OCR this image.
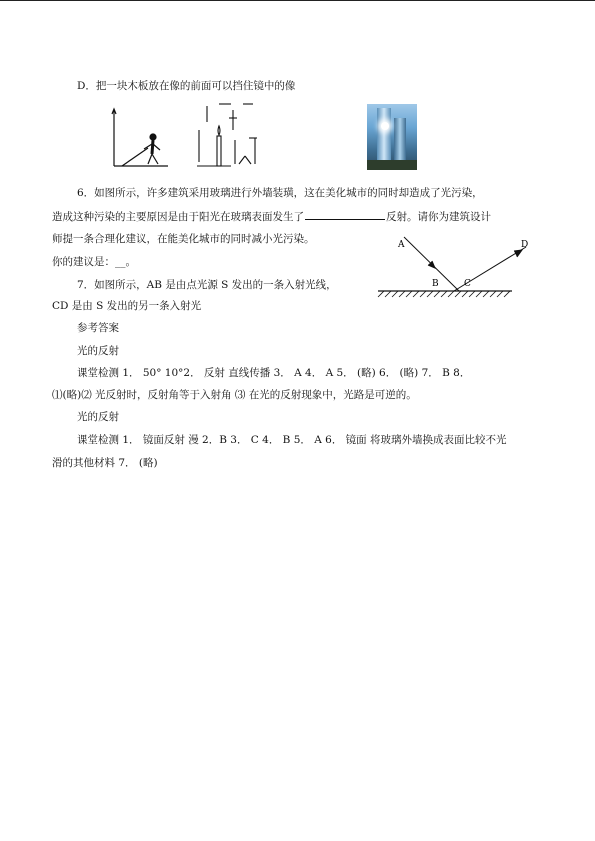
D．把一块木板放在像的前面可以挡住镜中的像
6．如图所示，许多建筑采用玻璃进行外墙装璜，这在美化城市的同时却造成了光污染，
造成这种污染的主要原因是由于阳光在玻璃表面发生了	反射。请你为建筑设计
师提一条合理化建议，在能美化城市的同时减小光污染。
你的建议是：__。
A
B	C
D
7．如图所示，AB 是由点光源 S 发出的一条入射光线，
CD 是由 S 发出的另一条入射光
参考答案
光的反射
课堂检测 1． 50° 10°2． 反射 直线传播 3． A 4． A 5． (略) 6． (略) 7． B 8．
⑴(略)⑵ 光反射时，反射角等于入射角 ⑶ 在光的反射现象中，光路是可逆的。
光的反射
课堂检测 1． 镜面反射 漫 2．B 3． C 4． B 5． A 6． 镜面 将玻璃外墙换成表面比较不光
滑的其他材料 7． (略)
